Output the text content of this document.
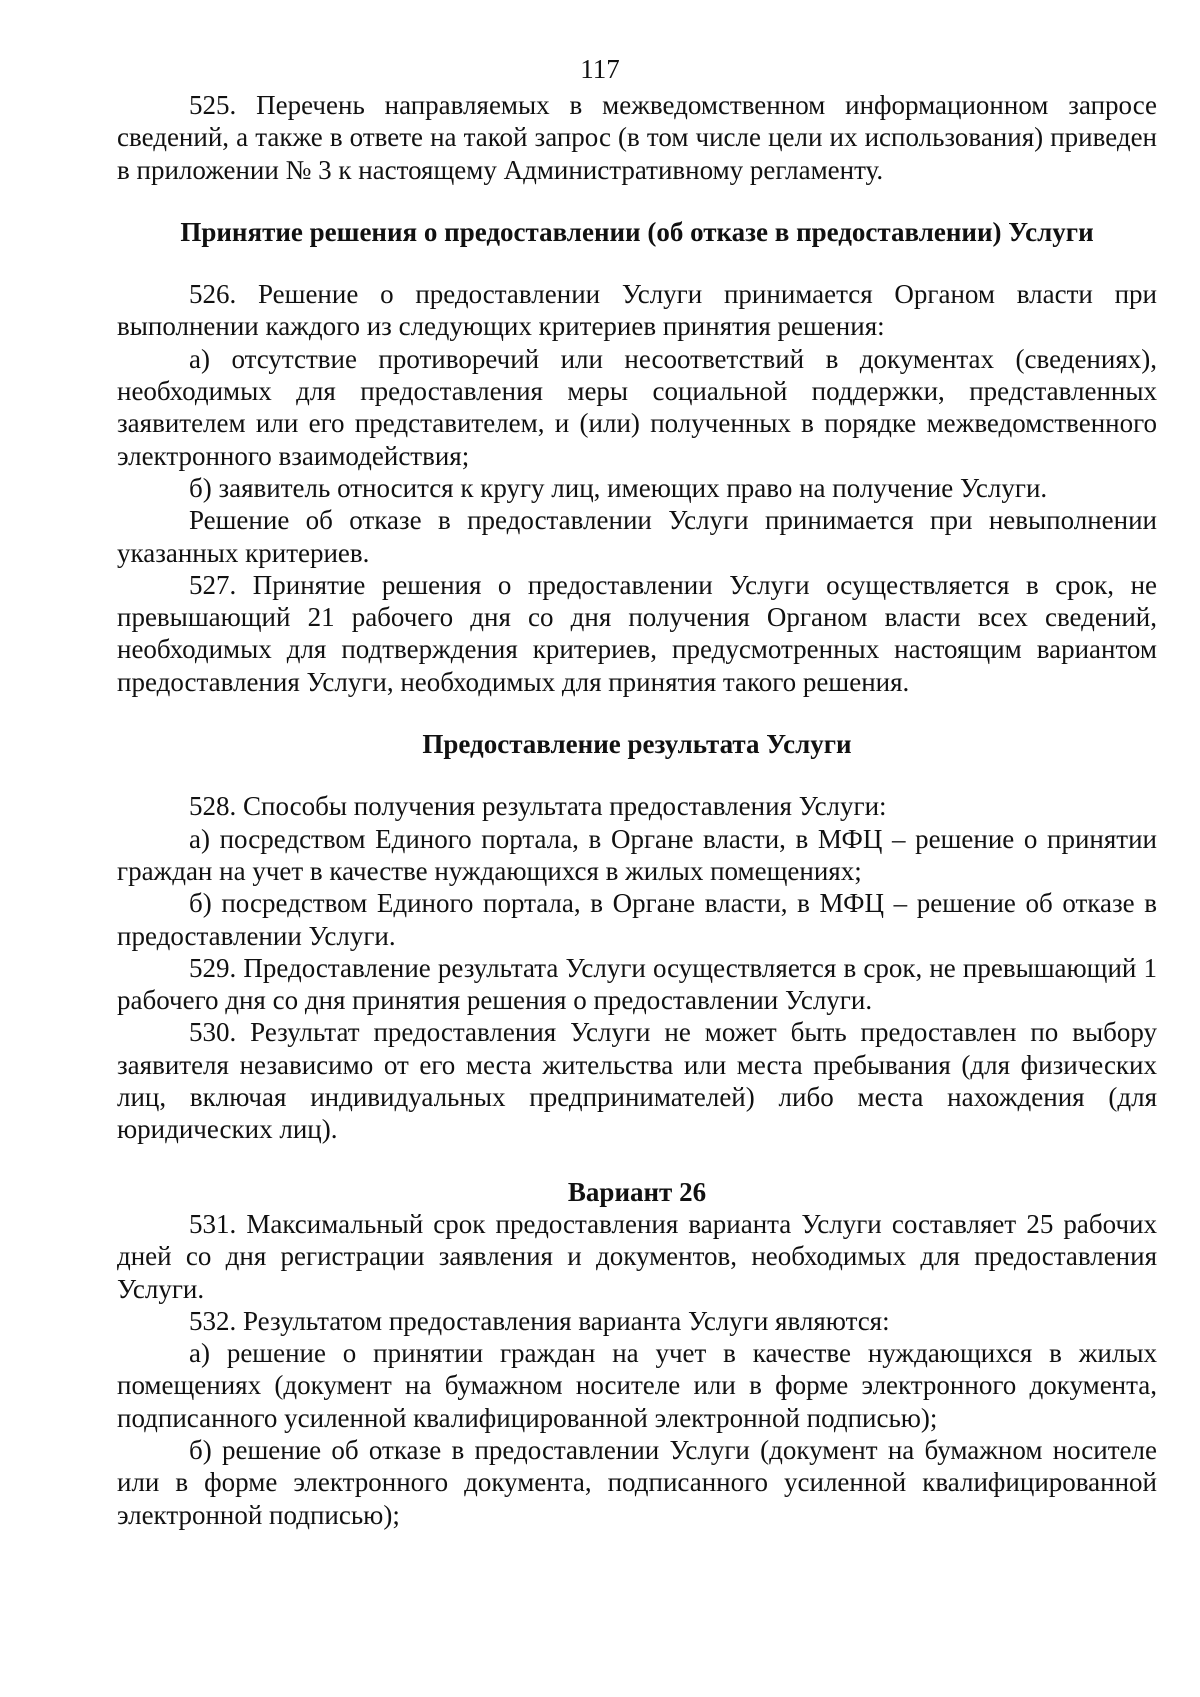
117

525. Перечень направляемых в межведомственном информационном запросе сведений, а также в ответе на такой запрос (в том числе цели их использования) приведен в приложении № 3 к настоящему Административному регламенту.

Принятие решения о предоставлении (об отказе в предоставлении) Услуги

526. Решение о предоставлении Услуги принимается Органом власти при выполнении каждого из следующих критериев принятия решения:

а) отсутствие противоречий или несоответствий в документах (сведениях), необходимых для предоставления меры социальной поддержки, представленных заявителем или его представителем, и (или) полученных в порядке межведомственного электронного взаимодействия;

б) заявитель относится к кругу лиц, имеющих право на получение Услуги.

Решение об отказе в предоставлении Услуги принимается при невыполнении указанных критериев.

527. Принятие решения о предоставлении Услуги осуществляется в срок, не превышающий 21 рабочего дня со дня получения Органом власти всех сведений, необходимых для подтверждения критериев, предусмотренных настоящим вариантом предоставления Услуги, необходимых для принятия такого решения.

Предоставление результата Услуги

528. Способы получения результата предоставления Услуги:

а) посредством Единого портала, в Органе власти, в МФЦ – решение о принятии граждан на учет в качестве нуждающихся в жилых помещениях;

б) посредством Единого портала, в Органе власти, в МФЦ – решение об отказе в предоставлении Услуги.

529. Предоставление результата Услуги осуществляется в срок, не превышающий 1 рабочего дня со дня принятия решения о предоставлении Услуги.

530. Результат предоставления Услуги не может быть предоставлен по выбору заявителя независимо от его места жительства или места пребывания (для физических лиц, включая индивидуальных предпринимателей) либо места нахождения (для юридических лиц).

Вариант 26

531. Максимальный срок предоставления варианта Услуги составляет 25 рабочих дней со дня регистрации заявления и документов, необходимых для предоставления Услуги.

532. Результатом предоставления варианта Услуги являются:

а) решение о принятии граждан на учет в качестве нуждающихся в жилых помещениях (документ на бумажном носителе или в форме электронного документа, подписанного усиленной квалифицированной электронной подписью);

б) решение об отказе в предоставлении Услуги (документ на бумажном носителе или в форме электронного документа, подписанного усиленной квалифицированной электронной подписью);
